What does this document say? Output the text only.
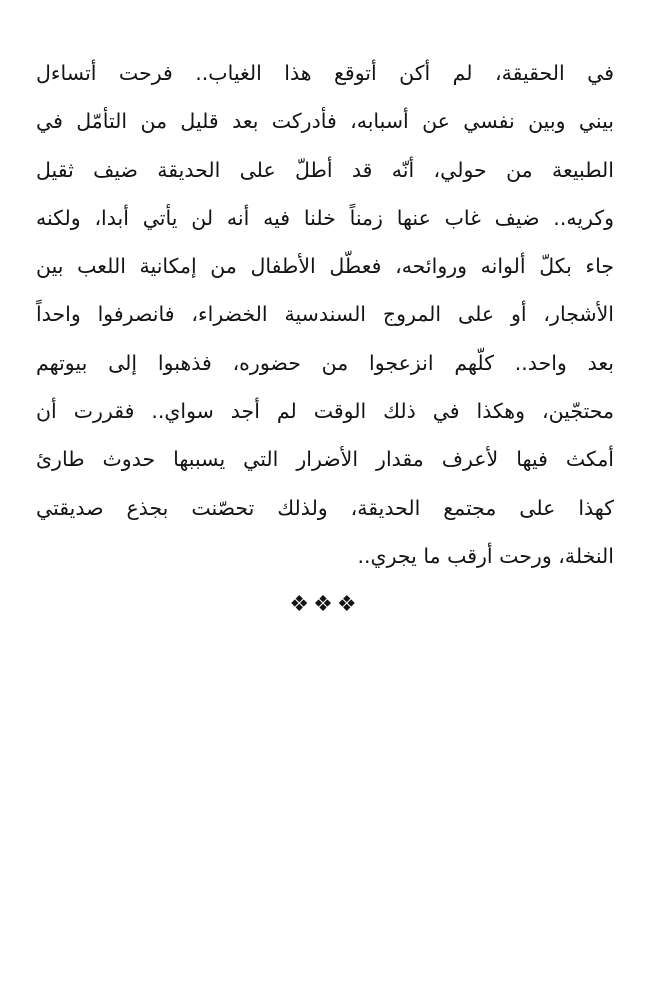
في الحقيقة، لم أكن أتوقع هذا الغياب.. فرحت أتساءل
بيني وبين نفسي عن أسبابه، فأدركت بعد قليل من التأمّل في
الطبيعة من حولي، أنّه قد أطلّ على الحديقة ضيف ثقيل
وكريه.. ضيف غاب عنها زمناً خلنا فيه أنه لن يأتي أبدا، ولكنه
جاء بكلّ ألوانه وروائحه، فعطّل الأطفال من إمكانية اللعب بين
الأشجار، أو على المروج السندسية الخضراء، فانصرفوا واحداً
بعد واحد.. كلّهم انزعجوا من حضوره، فذهبوا إلى بيوتهم
محتجّين، وهكذا في ذلك الوقت لم أجد سواي.. فقررت أن
أمكث فيها لأعرف مقدار الأضرار التي يسببها حدوث طارئ
كهذا على مجتمع الحديقة، ولذلك تحصّنت بجذع صديقتي
النخلة، ورحت أرقب ما يجري..
❖❖❖
